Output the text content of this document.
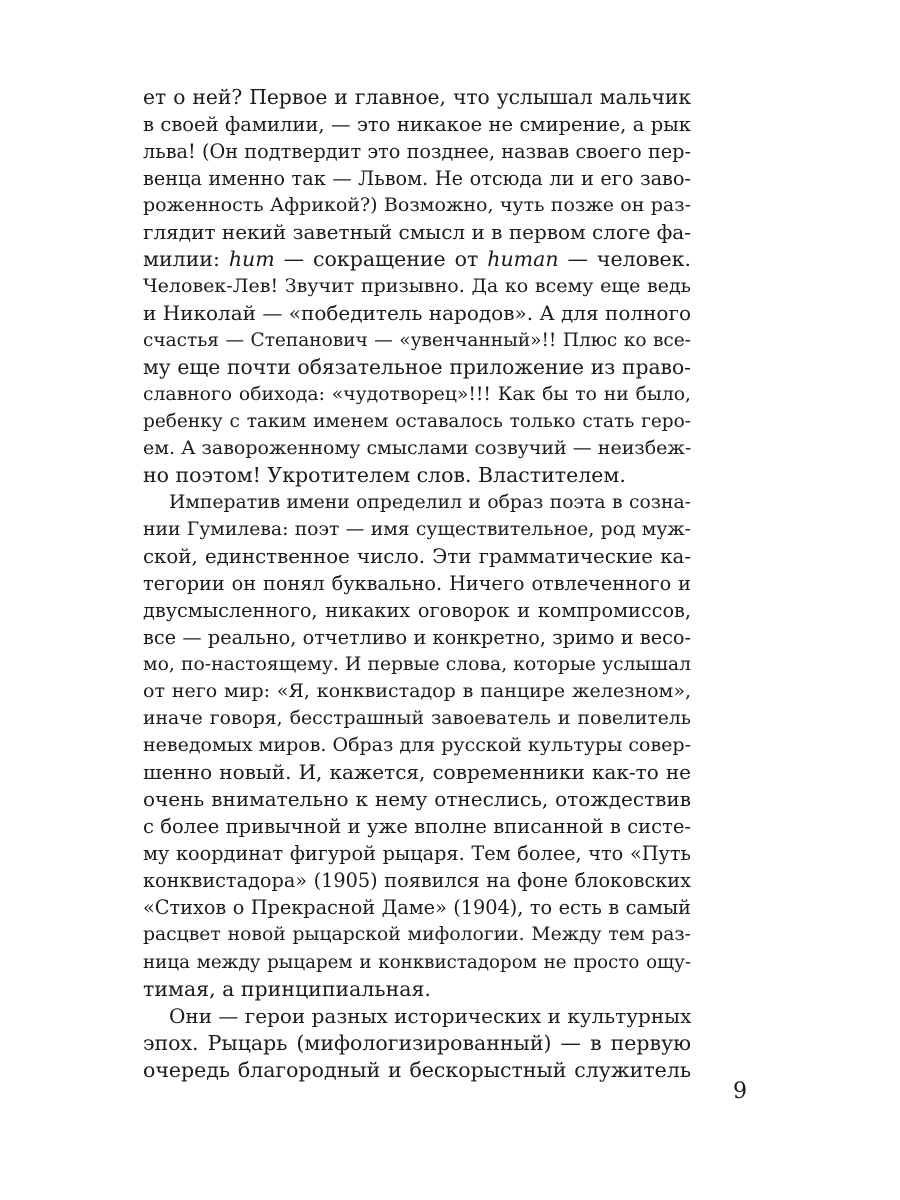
ет о ней? Первое и главное, что услышал мальчик
в своей фамилии, — это никакое не смирение, а рык
льва! (Он подтвердит это позднее, назвав своего пер-
венца именно так — Львом. Не отсюда ли и его заво-
роженность Африкой?) Возможно, чуть позже он раз-
глядит некий заветный смысл и в первом слоге фа-
милии: hum — сокращение от human — человек.
Человек-Лев! Звучит призывно. Да ко всему еще ведь
и Николай — «победитель народов». А для полного
счастья — Степанович — «увенчанный»!! Плюс ко все-
му еще почти обязательное приложение из право-
славного обихода: «чудотворец»!!! Как бы то ни было,
ребенку с таким именем оставалось только стать геро-
ем. А завороженному смыслами созвучий — неизбеж-
но поэтом! Укротителем слов. Властителем.
Императив имени определил и образ поэта в созна-
нии Гумилева: поэт — имя существительное, род муж-
ской, единственное число. Эти грамматические ка-
тегории он понял буквально. Ничего отвлеченного и
двусмысленного, никаких оговорок и компромиссов,
все — реально, отчетливо и конкретно, зримо и весо-
мо, по-настоящему. И первые слова, которые услышал
от него мир: «Я, конквистадор в панцире железном»,
иначе говоря, бесстрашный завоеватель и повелитель
неведомых миров. Образ для русской культуры совер-
шенно новый. И, кажется, современники как-то не
очень внимательно к нему отнеслись, отождествив
с более привычной и уже вполне вписанной в систе-
му координат фигурой рыцаря. Тем более, что «Путь
конквистадора» (1905) появился на фоне блоковских
«Стихов о Прекрасной Даме» (1904), то есть в самый
расцвет новой рыцарской мифологии. Между тем раз-
ница между рыцарем и конквистадором не просто ощу-
тимая, а принципиальная.
Они — герои разных исторических и культурных
эпох. Рыцарь (мифологизированный) — в первую
очередь благородный и бескорыстный служитель
9
